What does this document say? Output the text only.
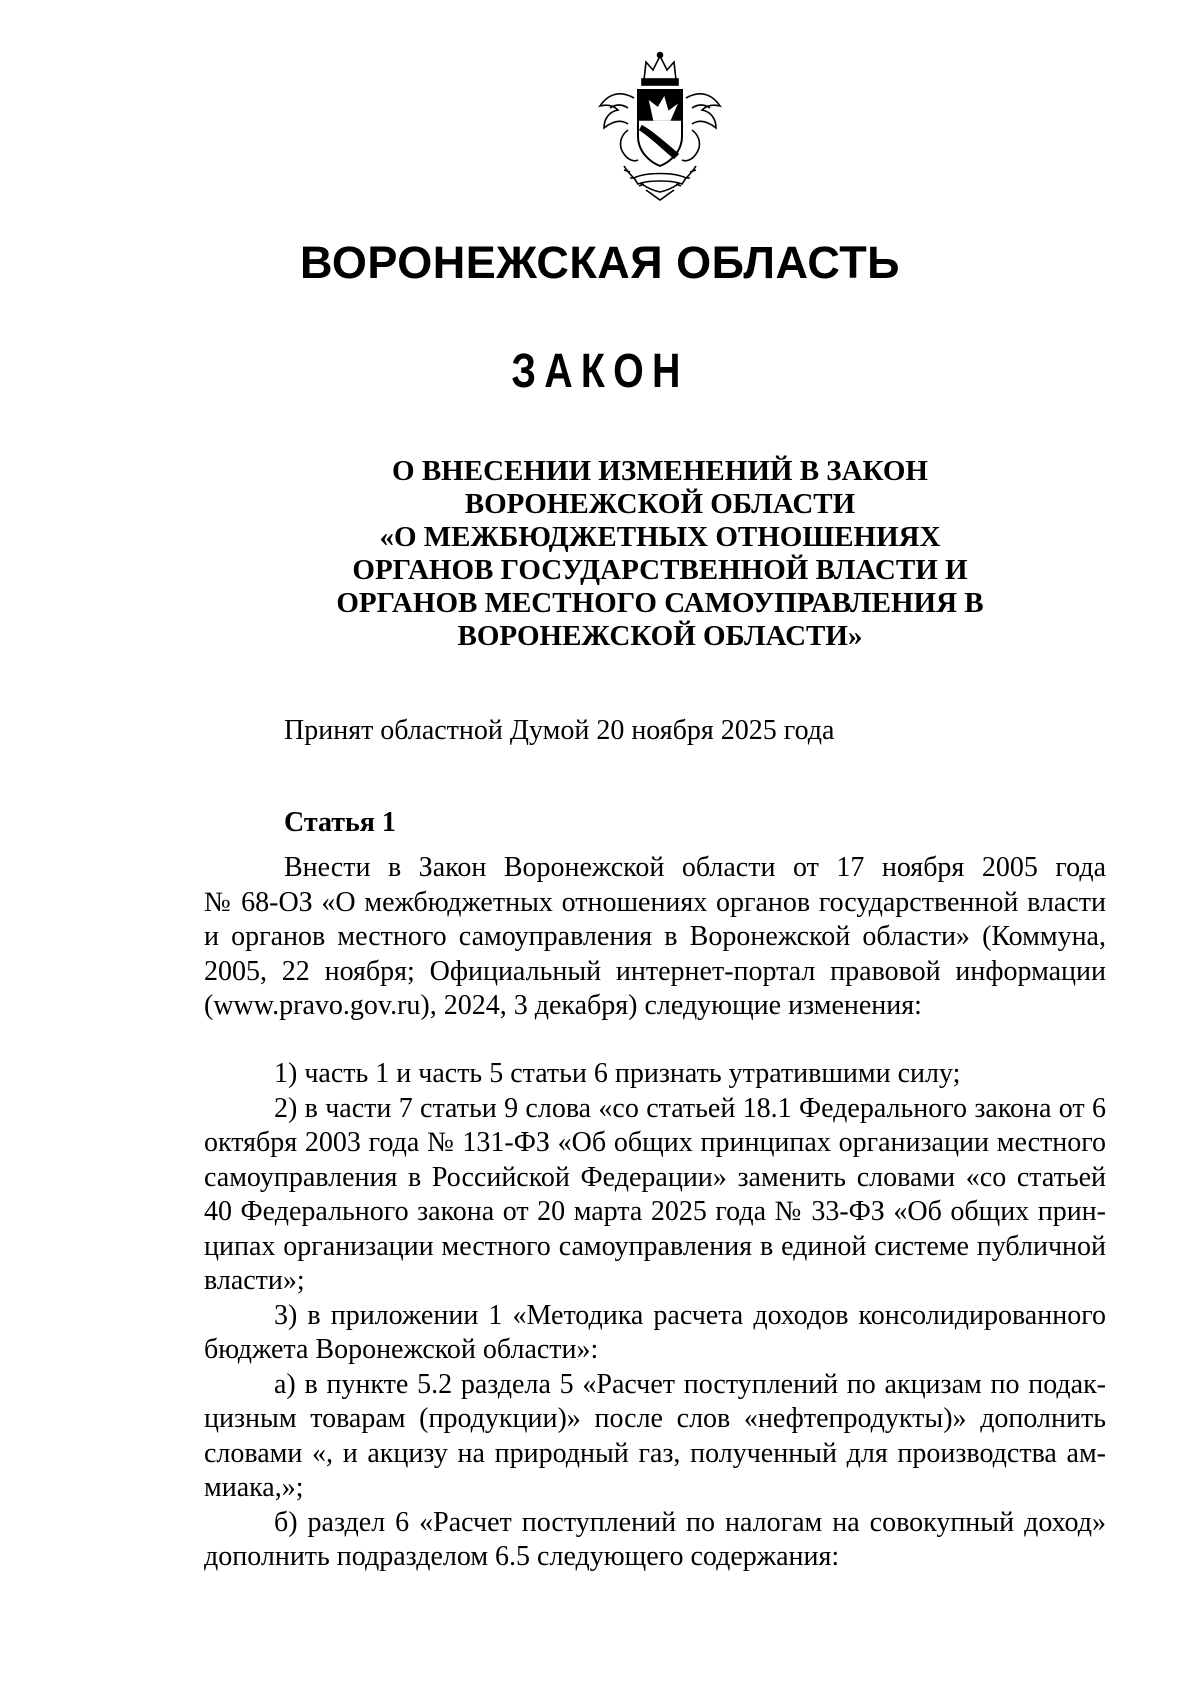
ВОРОНЕЖСКАЯ ОБЛАСТЬ
ЗАКОН
О ВНЕСЕНИИ ИЗМЕНЕНИЙ В ЗАКОН
ВОРОНЕЖСКОЙ ОБЛАСТИ
«О МЕЖБЮДЖЕТНЫХ ОТНОШЕНИЯХ
ОРГАНОВ ГОСУДАРСТВЕННОЙ ВЛАСТИ И
ОРГАНОВ МЕСТНОГО САМОУПРАВЛЕНИЯ В
ВОРОНЕЖСКОЙ ОБЛАСТИ»
Принят областной Думой 20 ноября 2025 года
Статья 1
Внести в Закон Воронежской области от 17 ноября 2005 года
№ 68-ОЗ «О межбюджетных отношениях органов государственной власти
и органов местного самоуправления в Воронежской области» (Коммуна,
2005, 22 ноября; Официальный интернет-портал правовой информации
(www.pravo.gov.ru), 2024, 3 декабря) следующие изменения:
1) часть 1 и часть 5 статьи 6 признать утратившими силу;
2) в части 7 статьи 9 слова «со статьей 18.1 Федерального закона от 6
октября 2003 года № 131-ФЗ «Об общих принципах организации местного
самоуправления в Российской Федерации» заменить словами «со статьей
40 Федерального закона от 20 марта 2025 года № 33-ФЗ «Об общих прин-
ципах организации местного самоуправления в единой системе публичной
власти»;
3) в приложении 1 «Методика расчета доходов консолидированного
бюджета Воронежской области»:
а) в пункте 5.2 раздела 5 «Расчет поступлений по акцизам по подак-
цизным товарам (продукции)» после слов «нефтепродукты)» дополнить
словами «, и акцизу на природный газ, полученный для производства ам-
миака,»;
б) раздел 6 «Расчет поступлений по налогам на совокупный доход»
дополнить подразделом 6.5 следующего содержания:
